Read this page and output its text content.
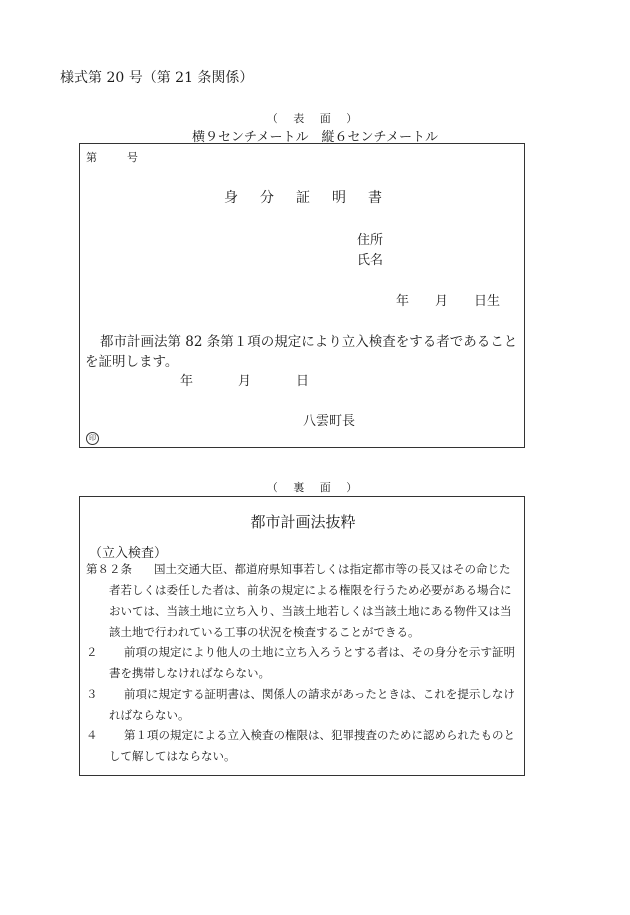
様式第 20 号（第 21 条関係）
（ 表 面 ）
横９センチメートル　縦６センチメートル
第	号
身分証明書
住所
氏名
年 月 日生
都市計画法第 82 条第１項の規定により立入検査をする者であること
を証明します。
年	月	日
八雲町長
印
（ 裏 面 ）
都市計画法抜粋
（立入検査）
第８２条 国土交通大臣、都道府県知事若しくは指定都市等の長又はその命じた
者若しくは委任した者は、前条の規定による権限を行うため必要がある場合に
おいては、当該土地に立ち入り、当該土地若しくは当該土地にある物件又は当
該土地で行われている工事の状況を検査することができる。
２ 前項の規定により他人の土地に立ち入ろうとする者は、その身分を示す証明
書を携帯しなければならない。
３ 前項に規定する証明書は、関係人の請求があったときは、これを提示しなけ
ればならない。
４ 第１項の規定による立入検査の権限は、犯罪捜査のために認められたものと
して解してはならない。
